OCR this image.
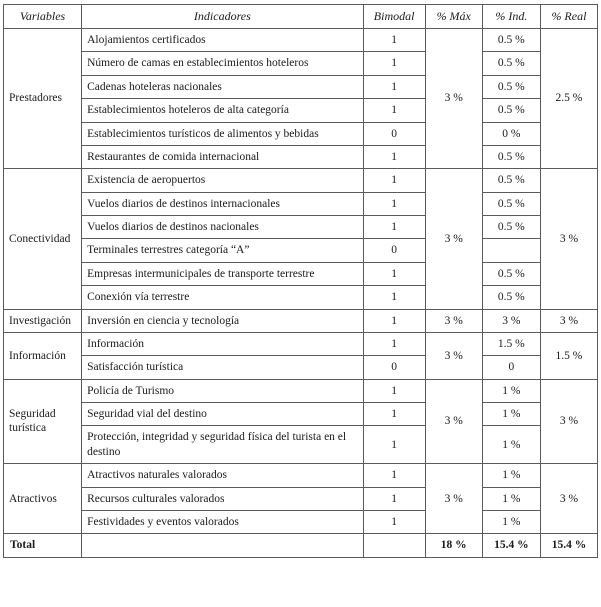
Variables	Indicadores	Bimodal	% Máx	% Ind.	% Real
Prestadores	Alojamientos certificados	1	3 %	0.5 %	2.5 %
	Número de camas en establecimientos hoteleros	1		0.5 %	
	Cadenas hoteleras nacionales	1		0.5 %	
	Establecimientos hoteleros de alta categoría	1		0.5 %	
	Establecimientos turísticos de alimentos y bebidas	0		0 %	
	Restaurantes de comida internacional	1		0.5 %	
Conectividad	Existencia de aeropuertos	1	3 %	0.5 %	3 %
	Vuelos diarios de destinos internacionales	1		0.5 %	
	Vuelos diarios de destinos nacionales	1		0.5 %	
	Terminales terrestres categoría “A”	0			
	Empresas intermunicipales de transporte terrestre	1		0.5 %	
	Conexión vía terrestre	1		0.5 %	
Investigación	Inversión en ciencia y tecnología	1	3 %	3 %	3 %
Información	Información	1	3 %	1.5 %	1.5 %
	Satisfacción turística	0		0	
Seguridad turística	Policía de Turismo	1	3 %	1 %	3 %
	Seguridad vial del destino	1		1 %	
	Protección, integridad y seguridad física del turista en el destino	1		1 %	
Atractivos	Atractivos naturales valorados	1	3 %	1 %	3 %
	Recursos culturales valorados	1		1 %	
	Festividades y eventos valorados	1		1 %	
Total			18 %	15.4 %	15.4 %
